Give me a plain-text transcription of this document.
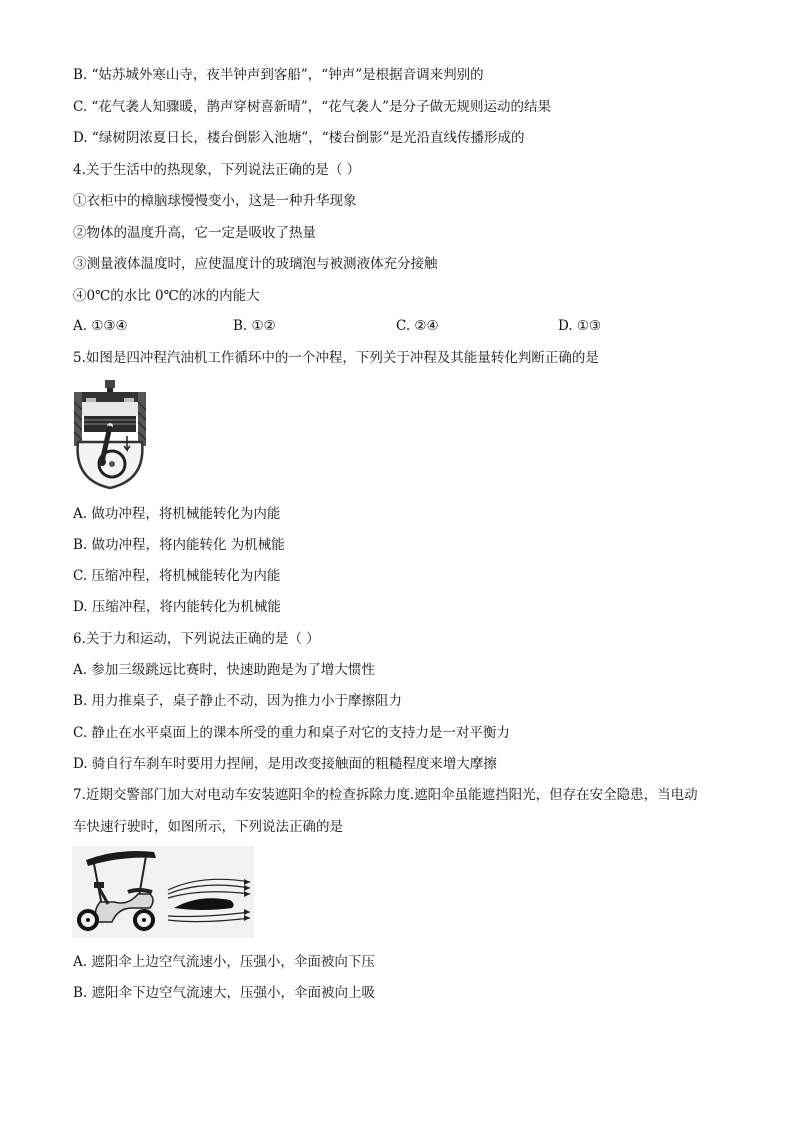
B. “姑苏城外寒山寺，夜半钟声到客船”，“钟声”是根据音调来判别的
C. “花气袭人知骤暖，鹊声穿树喜新晴”，“花气袭人”是分子做无规则运动的结果
D. “绿树阴浓夏日长，楼台倒影入池塘”，“楼台倒影”是光沿直线传播形成的
4.关于生活中的热现象，下列说法正确的是（ ）
①衣柜中的樟脑球慢慢变小，这是一种升华现象
②物体的温度升高，它一定是吸收了热量
③测量液体温度时，应使温度计的玻璃泡与被测液体充分接触
④0℃的水比 0℃的冰的内能大
A. ①③④	B. ①②	C. ②④	D. ①③
5.如图是四冲程汽油机工作循环中的一个冲程，下列关于冲程及其能量转化判断正确的是
A. 做功冲程，将机械能转化为内能
B. 做功冲程，将内能转化 为机械能
C. 压缩冲程，将机械能转化为内能
D. 压缩冲程，将内能转化为机械能
6.关于力和运动，下列说法正确的是（ ）
A. 参加三级跳远比赛时，快速助跑是为了增大惯性
B. 用力推桌子，桌子静止不动，因为推力小于摩擦阻力
C. 静止在水平桌面上的课本所受的重力和桌子对它的支持力是一对平衡力
D. 骑自行车刹车时要用力捏闸，是用改变接触面的粗糙程度来增大摩擦
7.近期交警部门加大对电动车安装遮阳伞的检查拆除力度.遮阳伞虽能遮挡阳光，但存在安全隐患，当电动
车快速行驶时，如图所示，下列说法正确的是
A. 遮阳伞上边空气流速小，压强小，伞面被向下压
B. 遮阳伞下边空气流速大，压强小，伞面被向上吸
